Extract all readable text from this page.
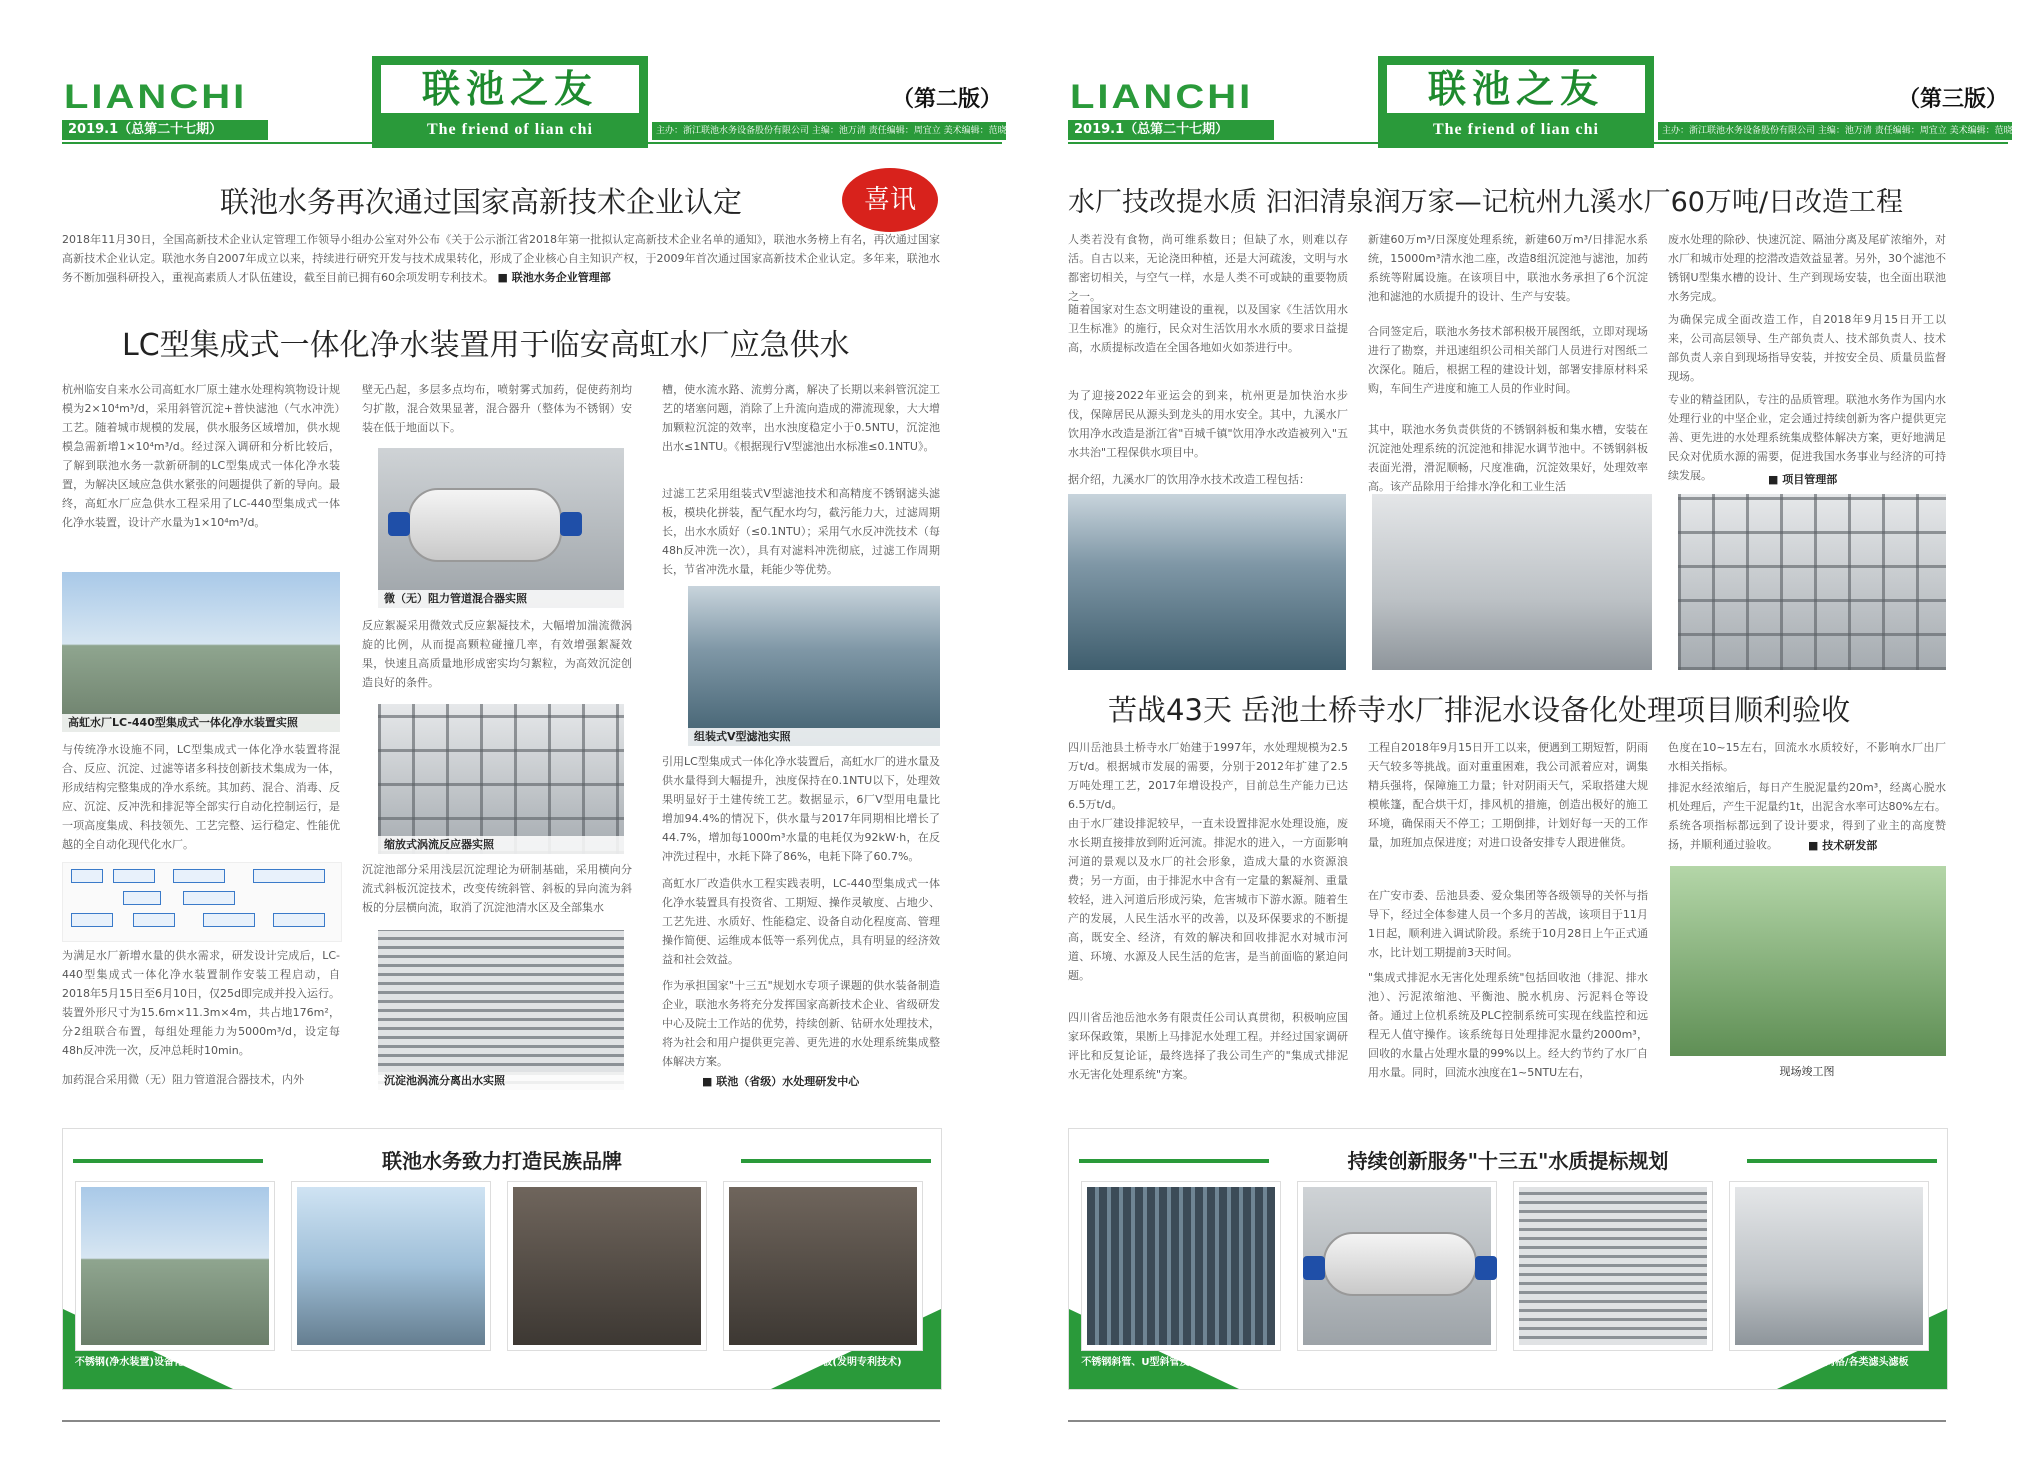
LIANCHI
2019.1（总第二十七期）
联池之友
The friend of lian chi
（第二版）
主办：浙江联池水务设备股份有限公司 主编：池万清 责任编辑：周宜立 美术编辑：范晓静
联池水务再次通过国家高新技术企业认定	喜讯
2018年11月30日，全国高新技术企业认定管理工作领导小组办公室对外公布《关于公示浙江省2018年第一批拟认定高新技术企业名单的通知》，联池水务榜上有名，再次通过国家高新技术企业认定。联池水务自2007年成立以来，持续进行研究开发与技术成果转化，形成了企业核心自主知识产权，于2009年首次通过国家高新技术企业认定。多年来，联池水务不断加强科研投入，重视高素质人才队伍建设，截至目前已拥有60余项发明专利技术。 ■ 联池水务企业管理部
LC型集成式一体化净水装置用于临安高虹水厂应急供水
杭州临安自来水公司高虹水厂原土建水处理构筑物设计规模为2×10⁴m³/d，采用斜管沉淀+普快滤池（气水冲洗）工艺。随着城市规模的发展，供水服务区域增加，供水规模急需新增1×10⁴m³/d。经过深入调研和分析比较后，了解到联池水务一款新研制的LC型集成式一体化净水装置，为解决区域应急供水紧张的问题提供了新的导向。最终，高虹水厂应急供水工程采用了LC-440型集成式一体化净水装置，设计产水量为1×10⁴m³/d。
高虹水厂LC-440型集成式一体化净水装置实照
与传统净水设施不同，LC型集成式一体化净水装置将混合、反应、沉淀、过滤等诸多科技创新技术集成为一体，形成结构完整集成的净水系统。其加药、混合、消毒、反应、沉淀、反冲洗和排泥等全部实行自动化控制运行，是一项高度集成、科技领先、工艺完整、运行稳定、性能优越的全自动化现代化水厂。
为满足水厂新增水量的供水需求，研发设计完成后，LC-440型集成式一体化净水装置制作安装工程启动，自2018年5月15日至6月10日，仅25d即完成并投入运行。装置外形尺寸为15.6m×11.3m×4m，共占地176m²，分2组联合布置，每组处理能力为5000m³/d，设定每48h反冲洗一次，反冲总耗时10min。
加药混合采用微（无）阻力管道混合器技术，内外
壁无凸起，多层多点均布，喷射雾式加药，促使药剂均匀扩散，混合效果显著，混合器升（整体为不锈钢）安装在低于地面以下。
微（无）阻力管道混合器实照
反应絮凝采用微效式反应絮凝技术，大幅增加湍流微涡旋的比例，从而提高颗粒碰撞几率，有效增强絮凝效果，快速且高质量地形成密实均匀絮粒，为高效沉淀创造良好的条件。
缩放式涡流反应器实照
沉淀池部分采用浅层沉淀理论为研制基础，采用横向分流式斜板沉淀技术，改变传统斜管、斜板的异向流为斜板的分层横向流，取消了沉淀池清水区及全部集水
沉淀池涡流分离出水实照
槽，使水流水路、流剪分离，解决了长期以来斜管沉淀工艺的堵塞问题，消除了上升流向造成的滞流现象，大大增加颗粒沉淀的效率，出水浊度稳定小于0.5NTU，沉淀池出水≤1NTU。《根据现行V型滤池出水标准≤0.1NTU》。
过滤工艺采用组装式V型滤池技术和高精度不锈钢滤头滤板，模块化拼装，配气配水均匀，截污能力大，过滤周期长，出水水质好（≤0.1NTU）；采用气水反冲洗技术（每48h反冲洗一次），具有对滤料冲洗彻底，过滤工作周期长，节省冲洗水量，耗能少等优势。
组装式V型滤池实照
引用LC型集成式一体化净水装置后，高虹水厂的进水量及供水量得到大幅提升，浊度保持在0.1NTU以下，处理效果明显好于土建传统工艺。数据显示，6厂V型用电量比增加94.4%的情况下，供水量与2017年同期相比增长了44.7%，增加每1000m³水量的电耗仅为92kW·h，在反冲洗过程中，水耗下降了86%，电耗下降了60.7%。
高虹水厂改造供水工程实践表明，LC-440型集成式一体化净水装置具有投资省、工期短、操作灵敏度、占地少、工艺先进、水质好、性能稳定、设备自动化程度高、管理操作简便、运维成本低等一系列优点，具有明显的经济效益和社会效益。
作为承担国家"十三五"规划水专项子课题的供水装备制造企业，联池水务将充分发挥国家高新技术企业、省级研发中心及院士工作站的优势，持续创新、钻研水处理技术，将为社会和用户提供更完善、更先进的水处理系统集成整体解决方案。
■ 联池（省级）水处理研发中心
联池水务致力打造民族品牌
不锈钢(净水装置)设备化水厂(发明专利技术)	可调式不锈钢集水槽、U型集水槽(专利技术)	往复式刮泥机(专利技术)、泵虹双吸吸泥机	各种滤池不锈钢滤板(发明专利技术)
LIANCHI
2019.1（总第二十七期）
联池之友
The friend of lian chi
（第三版）
主办：浙江联池水务设备股份有限公司 主编：池万清 责任编辑：周宜立 美术编辑：范晓静
水厂技改提水质 汩汩清泉润万家—记杭州九溪水厂60万吨/日改造工程
人类若没有食物，尚可维系数日；但缺了水，则难以存活。自古以来，无论浇田种植，还是大河疏浚，文明与水都密切相关，与空气一样，水是人类不可或缺的重要物质之一。
随着国家对生态文明建设的重视，以及国家《生活饮用水卫生标准》的施行，民众对生活饮用水水质的要求日益提高，水质提标改造在全国各地如火如荼进行中。
为了迎接2022年亚运会的到来，杭州更是加快治水步伐，保障居民从源头到龙头的用水安全。其中，九溪水厂饮用净水改造是浙江省"百城千镇"饮用净水改造被列入"五水共治"工程保供水项目中。
据介绍，九溪水厂的饮用净水技术改造工程包括：
新建60万m³/日深度处理系统，新建60万m³/日排泥水系统，15000m³清水池二座，改造8组沉淀池与滤池，加药系统等附属设施。在该项目中，联池水务承担了6个沉淀池和滤池的水质提升的设计、生产与安装。
合同签定后，联池水务技术部积极开展图纸，立即对现场进行了勘察，并迅速组织公司相关部门人员进行对图纸二次深化。随后，根据工程的建设计划，部署安排原材料采购，车间生产进度和施工人员的作业时间。
其中，联池水务负责供货的不锈钢斜板和集水槽，安装在沉淀池处理系统的沉淀池和排泥水调节池中。不锈钢斜板表面光滑，滑泥顺畅，尺度准确，沉淀效果好，处理效率高。该产品除用于给排水净化和工业生活
废水处理的除砂、快速沉淀、隔油分离及尾矿浓缩外，对水厂和城市处理的挖潜改造效益显著。另外，30个滤池不锈钢U型集水槽的设计、生产到现场安装，也全面出联池水务完成。
为确保完成全面改造工作，自2018年9月15日开工以来，公司高层领导、生产部负责人、技术部负责人、技术部负责人亲自到现场指导安装，并按安全员、质量员监督现场。
专业的精益团队，专注的品质管理。联池水务作为国内水处理行业的中坚企业，定会通过持续创新为客户提供更完善、更先进的水处理系统集成整体解决方案，更好地满足民众对优质水源的需要，促进我国水务事业与经济的可持续发展。	■ 项目管理部
苦战43天 岳池土桥寺水厂排泥水设备化处理项目顺利验收
四川岳池县土桥寺水厂始建于1997年，水处理规模为2.5万t/d。根据城市发展的需要，分别于2012年扩建了2.5万吨处理工艺，2017年增设投产，目前总生产能力已达6.5万t/d。
由于水厂建设排泥较早，一直未设置排泥水处理设施，废水长期直接排放到附近河流。排泥水的进入，一方面影响河道的景观以及水厂的社会形象，造成大量的水资源浪费；另一方面，由于排泥水中含有一定量的絮凝剂、重量较轻，进入河道后形成污染，危害城市下游水源。随着生产的发展，人民生活水平的改善，以及环保要求的不断提高，既安全、经济，有效的解决和回收排泥水对城市河道、环境、水源及人民生活的危害，是当前面临的紧迫问题。
四川省岳池岳池水务有限责任公司认真贯彻，积极响应国家环保政策，果断上马排泥水处理工程。并经过国家调研评比和反复论证，最终选择了我公司生产的"集成式排泥水无害化处理系统"方案。
工程自2018年9月15日开工以来，便遇到工期短暂，阴雨天气较多等挑战。面对重重困难，我公司派着应对，调集精兵强将，保障施工力量；针对阴雨天气，采取搭建大规模帐篷，配合烘干灯，排风机的措施，创造出极好的施工环境，确保雨天不停工；工期倒排，计划好每一天的工作量，加班加点保进度；对进口设备安排专人跟进催货。
在广安市委、岳池县委、爱众集团等各级领导的关怀与指导下，经过全体参建人员一个多月的苦战，该项目于11月1日起，顺利进入调试阶段。系统于10月28日上午正式通水，比计划工期提前3天时间。
"集成式排泥水无害化处理系统"包括回收池（排泥、排水池）、污泥浓缩池、平衡池、脱水机房、污泥料仓等设备。通过上位机系统及PLC控制系统可实现在线监控和远程无人值守操作。该系统每日处理排泥水量约2000m³，回收的水量占处理水量的99%以上。经大约节约了水厂自用水量。同时，回流水浊度在1~5NTU左右，
色度在10~15左右，回流水水质较好，不影响水厂出厂水相关指标。
排泥水经浓缩后，每日产生脱泥量约20m³，经离心脱水机处理后，产生干泥量约1t，出泥含水率可达80%左右。系统各项指标都远到了设计要求，得到了业主的高度赞扬，并顺利通过验收。	■ 技术研发部
现场竣工图
持续创新服务"十三五"水质提标规划
不锈钢斜管、U型斜管及各类斜管(专利技术)	微(无)阻力管道混合器(发明专利技术)	横向分流式高速沉淀斜板(发明专利技术)	涡流反应器/栅条/网格/各类滤头滤板
